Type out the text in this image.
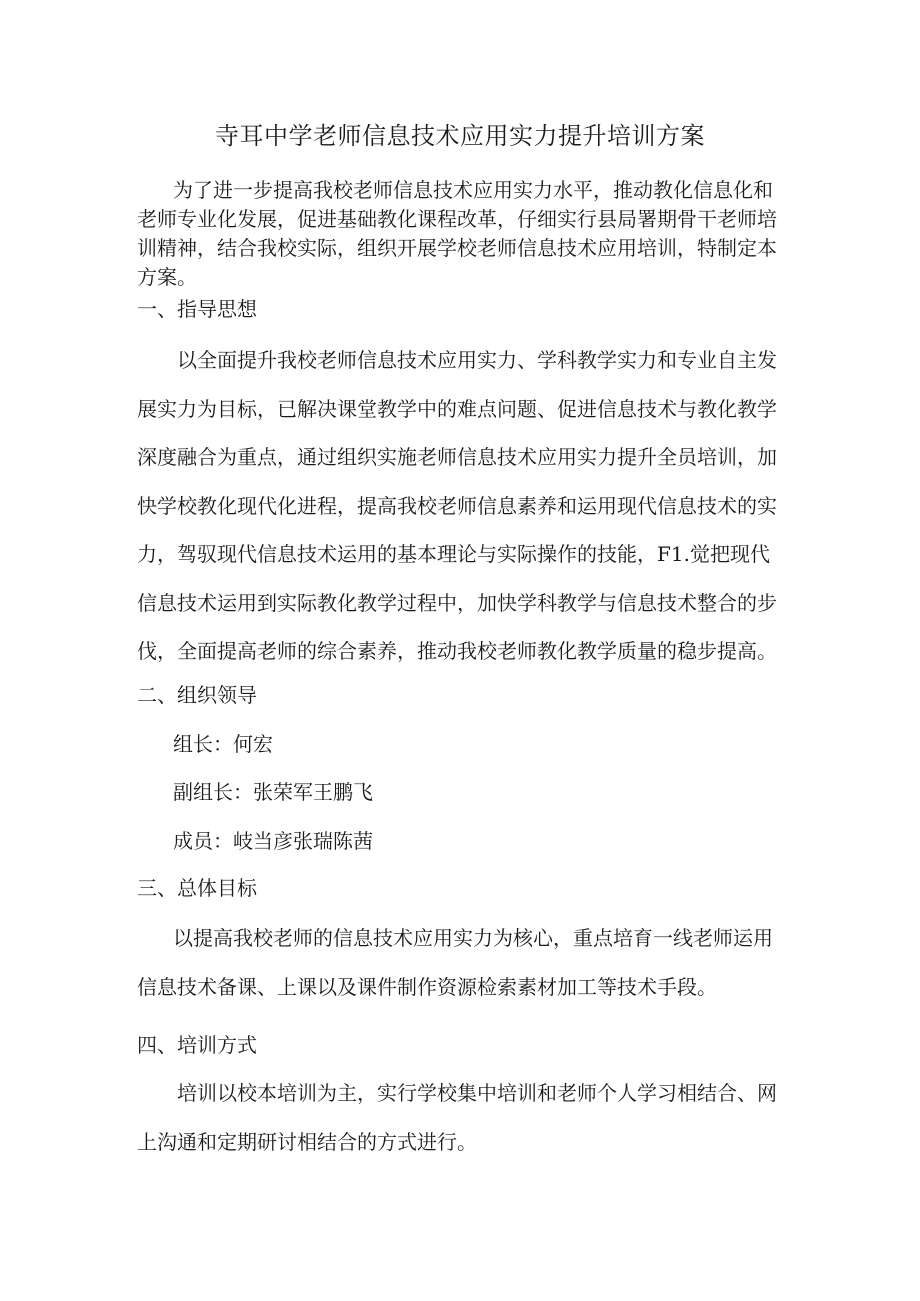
寺耳中学老师信息技术应用实力提升培训方案

为了进一步提高我校老师信息技术应用实力水平，推动教化信息化和老师专业化发展，促进基础教化课程改革，仔细实行县局署期骨干老师培训精神，结合我校实际，组织开展学校老师信息技术应用培训，特制定本方案。

一、指导思想

以全面提升我校老师信息技术应用实力、学科教学实力和专业自主发展实力为目标，已解决课堂教学中的难点问题、促进信息技术与教化教学深度融合为重点，通过组织实施老师信息技术应用实力提升全员培训，加快学校教化现代化进程，提高我校老师信息素养和运用现代信息技术的实力，驾驭现代信息技术运用的基本理论与实际操作的技能，F1.觉把现代信息技术运用到实际教化教学过程中，加快学科教学与信息技术整合的步伐，全面提高老师的综合素养，推动我校老师教化教学质量的稳步提高。

二、组织领导

组长：何宏

副组长：张荣军王鹏飞

成员：岐当彦张瑞陈茜

三、总体目标

以提高我校老师的信息技术应用实力为核心，重点培育一线老师运用信息技术备课、上课以及课件制作资源检索素材加工等技术手段。

四、培训方式

培训以校本培训为主，实行学校集中培训和老师个人学习相结合、网上沟通和定期研讨相结合的方式进行。
